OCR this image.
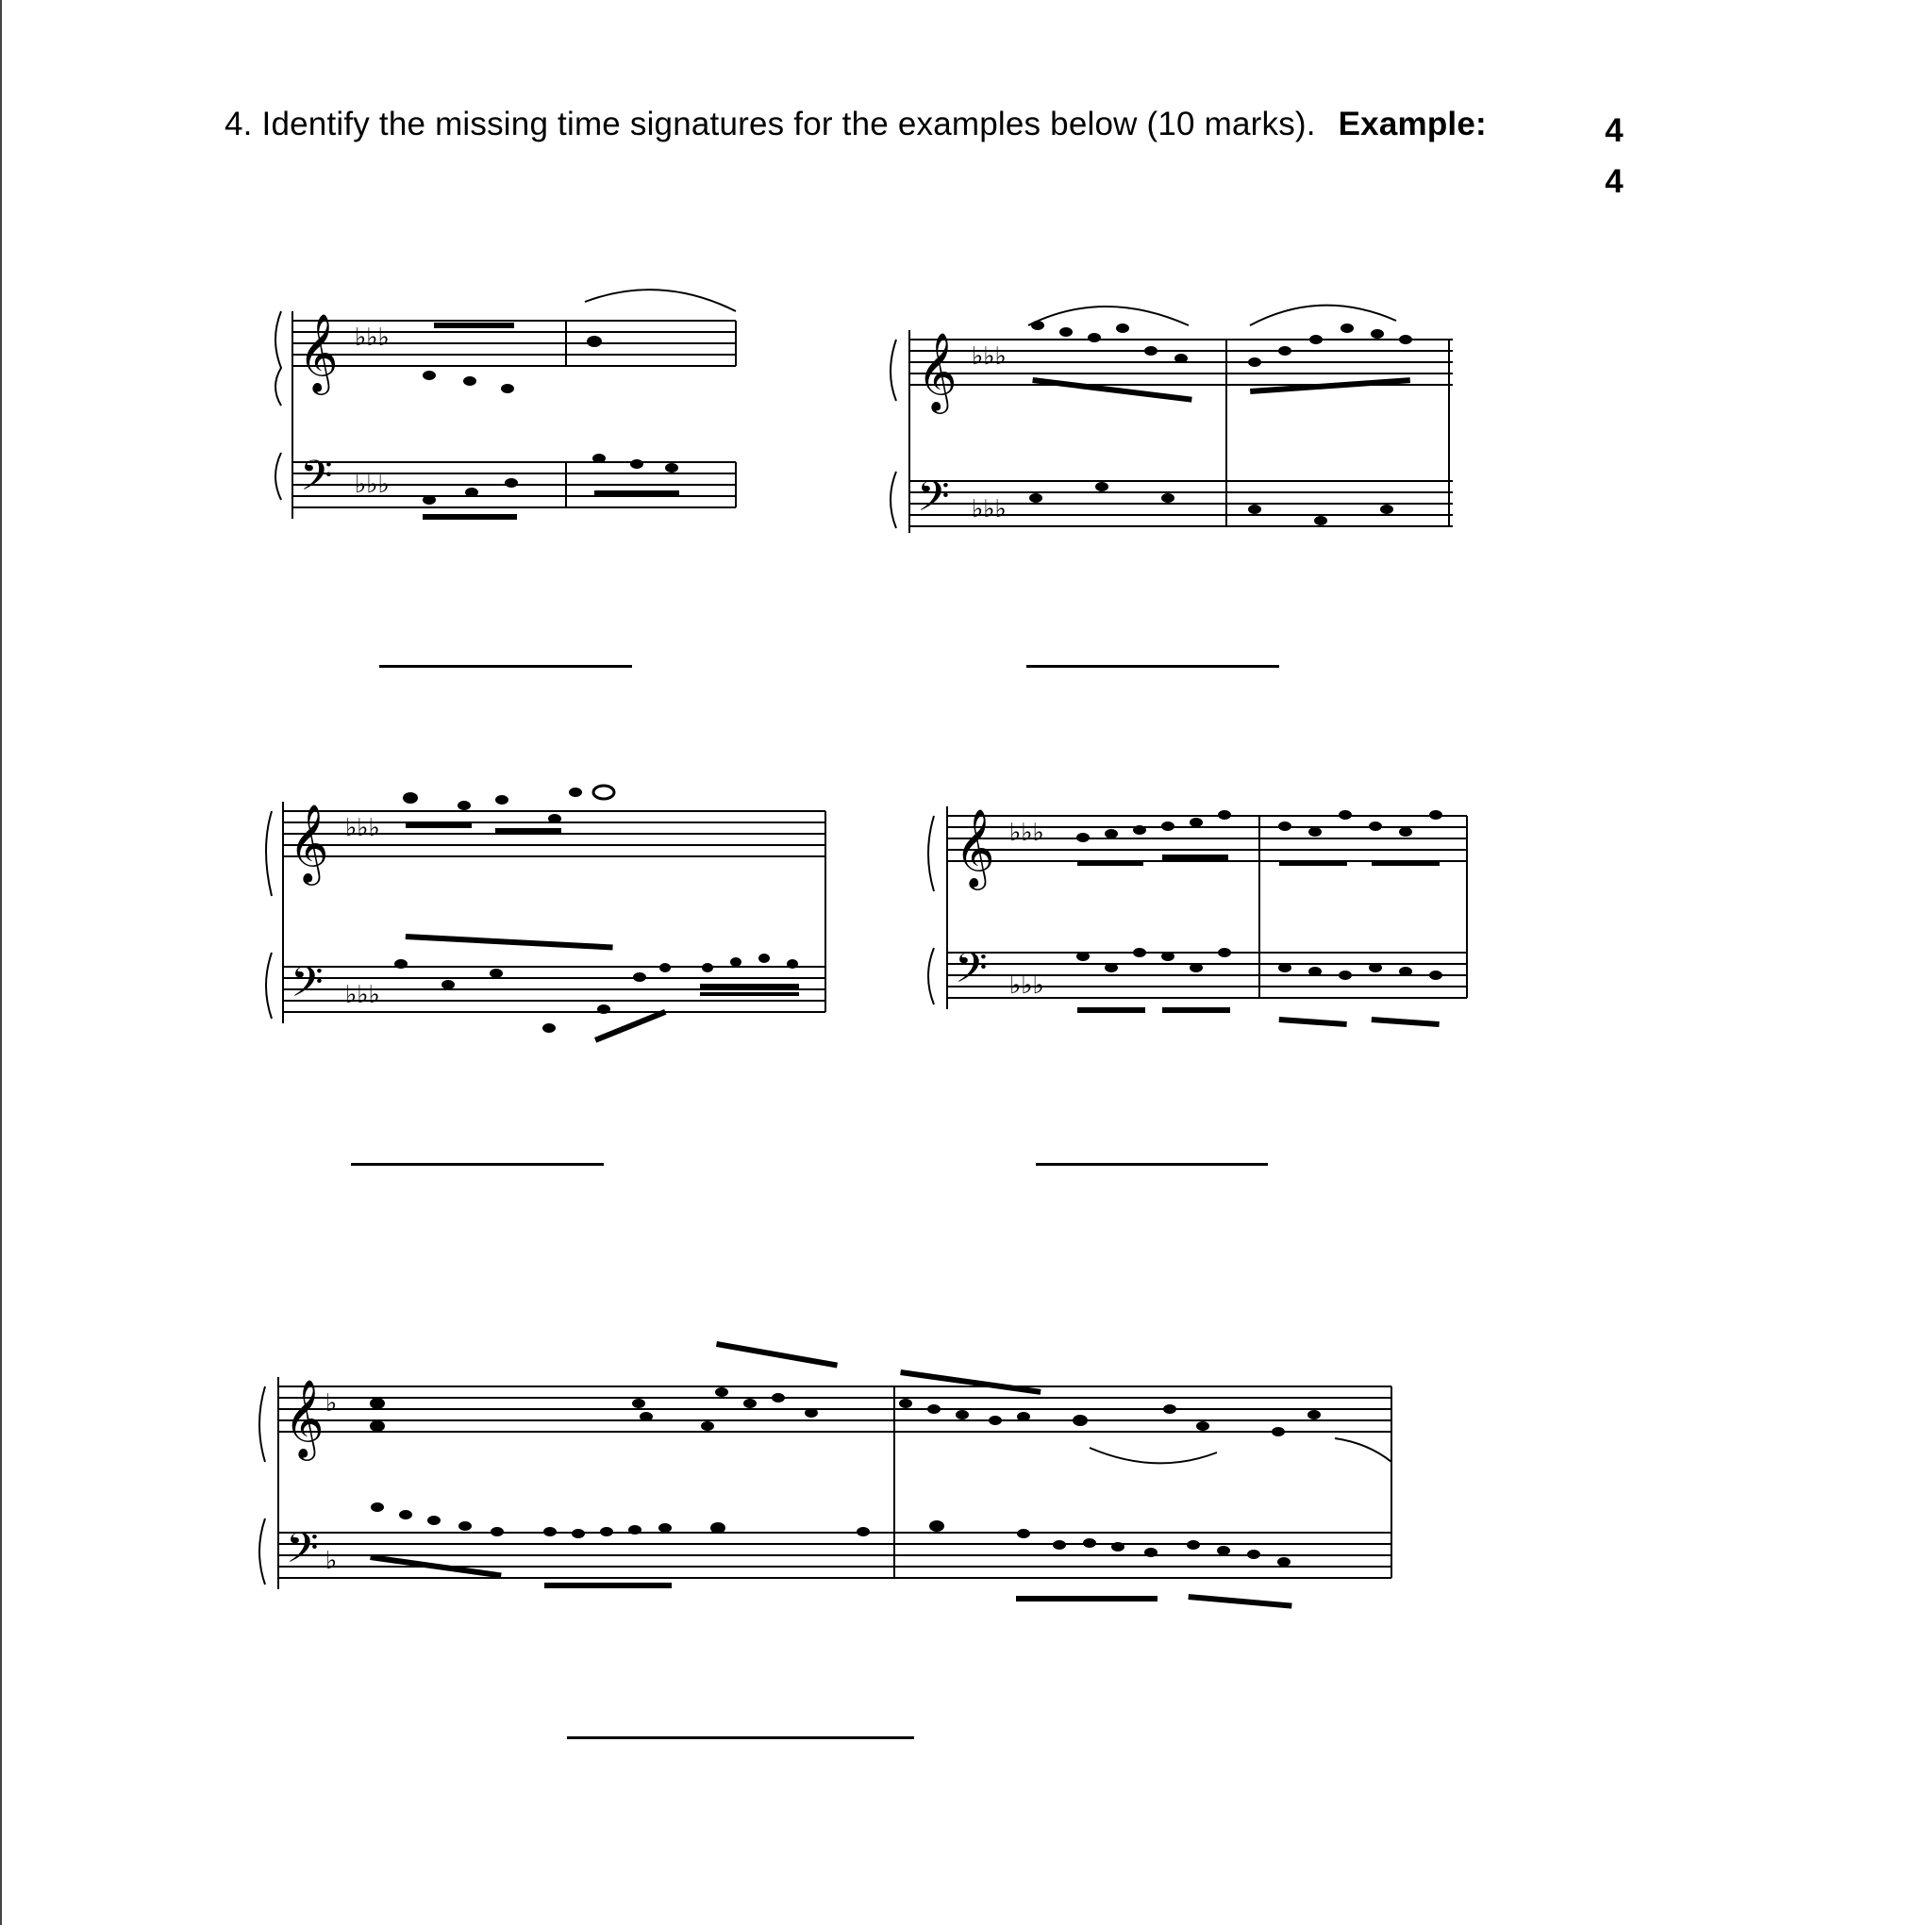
4. Identify the missing time signatures for the examples below (10 marks). Example:	4
4
𝄞
𝄢
♭♭♭
♭♭♭
𝄞
𝄢
♭♭♭
♭♭♭
𝄞
𝄢
♭♭♭
♭♭♭
𝄞
𝄢
♭♭♭
♭♭♭
𝄞
𝄢
♭
♭
